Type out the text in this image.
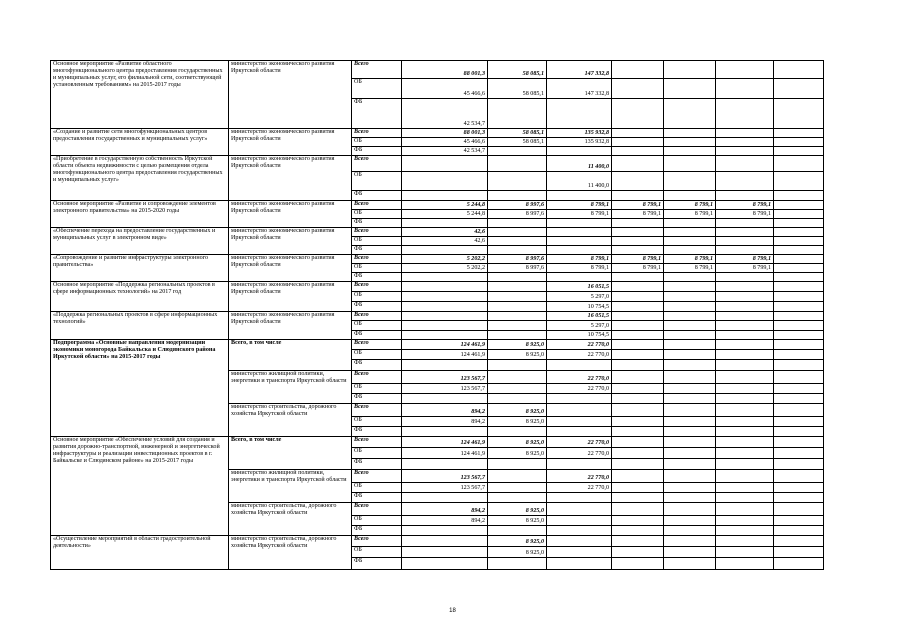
Основное мероприятие «Развитие областного многофункционального центра предоставления государственных и муниципальных услуг, его филиальной сети, соответствующей установленным требованиям» на 2015-2017 годы	министерство экономического развития Иркутской области	Всего	88 001,3	58 085,1	147 332,8				
		ОБ	45 466,6	58 085,1	147 332,8				
		ФБ	42 534,7						
«Создание и развитие сети многофункциональных центров предоставления государственных и муниципальных услуг»	министерство экономического развития Иркутской области	Всего	88 001,3	58 085,1	135 932,8				
		ОБ	45 466,6	58 085,1	135 932,8				
		ФБ	42 534,7						
«Приобретение в государственную собственность Иркутской области объекта недвижимости с целью размещения отдела многофункционального центра предоставления государственных и муниципальных услуг»	министерство экономического развития Иркутской области	Всего			11 400,0				
		ОБ			11 400,0				
		ФБ							
Основное мероприятие «Развитие и сопровождение элементов электронного правительства» на 2015-2020 годы	министерство экономического развития Иркутской области	Всего	5 244,8	8 997,6	8 799,1	8 799,1	8 799,1	8 799,1	
		ОБ	5 244,8	8 997,6	8 799,1	8 799,1	8 799,1	8 799,1	
		ФБ							
«Обеспечение перехода на предоставление государственных и муниципальных услуг в электронном виде»	министерство экономического развития Иркутской области	Всего	42,6						
		ОБ	42,6						
		ФБ							
«Сопровождение и развитие инфраструктуры электронного правительства»	министерство экономического развития Иркутской области	Всего	5 202,2	8 997,6	8 799,1	8 799,1	8 799,1	8 799,1	
		ОБ	5 202,2	8 997,6	8 799,1	8 799,1	8 799,1	8 799,1	
		ФБ							
Основное мероприятие «Поддержка региональных проектов в сфере информационных технологий» на 2017 год	министерство экономического развития Иркутской области	Всего			16 051,5				
		ОБ			5 297,0				
		ФБ			10 754,5				
«Поддержка региональных проектов в сфере информационных технологий»	министерство экономического развития Иркутской области	Всего			16 051,5				
		ОБ			5 297,0				
		ФБ			10 754,5				
Подпрограмма «Основные направления модернизации экономики моногорода Байкальска и Слюдянского района Иркутской области» на 2015-2017 годы	Всего, в том числе	Всего	124 461,9	8 925,0	22 770,0				
		ОБ	124 461,9	8 925,0	22 770,0				
		ФБ							
	министерство жилищной политики, энергетики и транспорта Иркутской области	Всего	123 567,7		22 770,0				
		ОБ	123 567,7		22 770,0				
		ФБ							
	министерство строительства, дорожного хозяйства Иркутской области	Всего	894,2	8 925,0					
		ОБ	894,2	8 925,0					
		ФБ							
Основное мероприятие «Обеспечение условий для создания и развития дорожно-транспортной, инженерной и энергетической инфраструктуры и реализации инвестиционных проектов в г. Байкальске и Слюдянском районе» на 2015-2017 годы	Всего, в том числе	Всего	124 461,9	8 925,0	22 770,0				
		ОБ	124 461,9	8 925,0	22 770,0				
		ФБ							
	министерство жилищной политики, энергетики и транспорта Иркутской области	Всего	123 567,7		22 770,0				
		ОБ	123 567,7		22 770,0				
		ФБ							
	министерство строительства, дорожного хозяйства Иркутской области	Всего	894,2	8 925,0					
		ОБ	894,2	8 925,0					
		ФБ							
«Осуществление мероприятий в области градостроительной деятельности»	министерство строительства, дорожного хозяйства Иркутской области	Всего		8 925,0					
		ОБ		8 925,0					
		ФБ							
18
